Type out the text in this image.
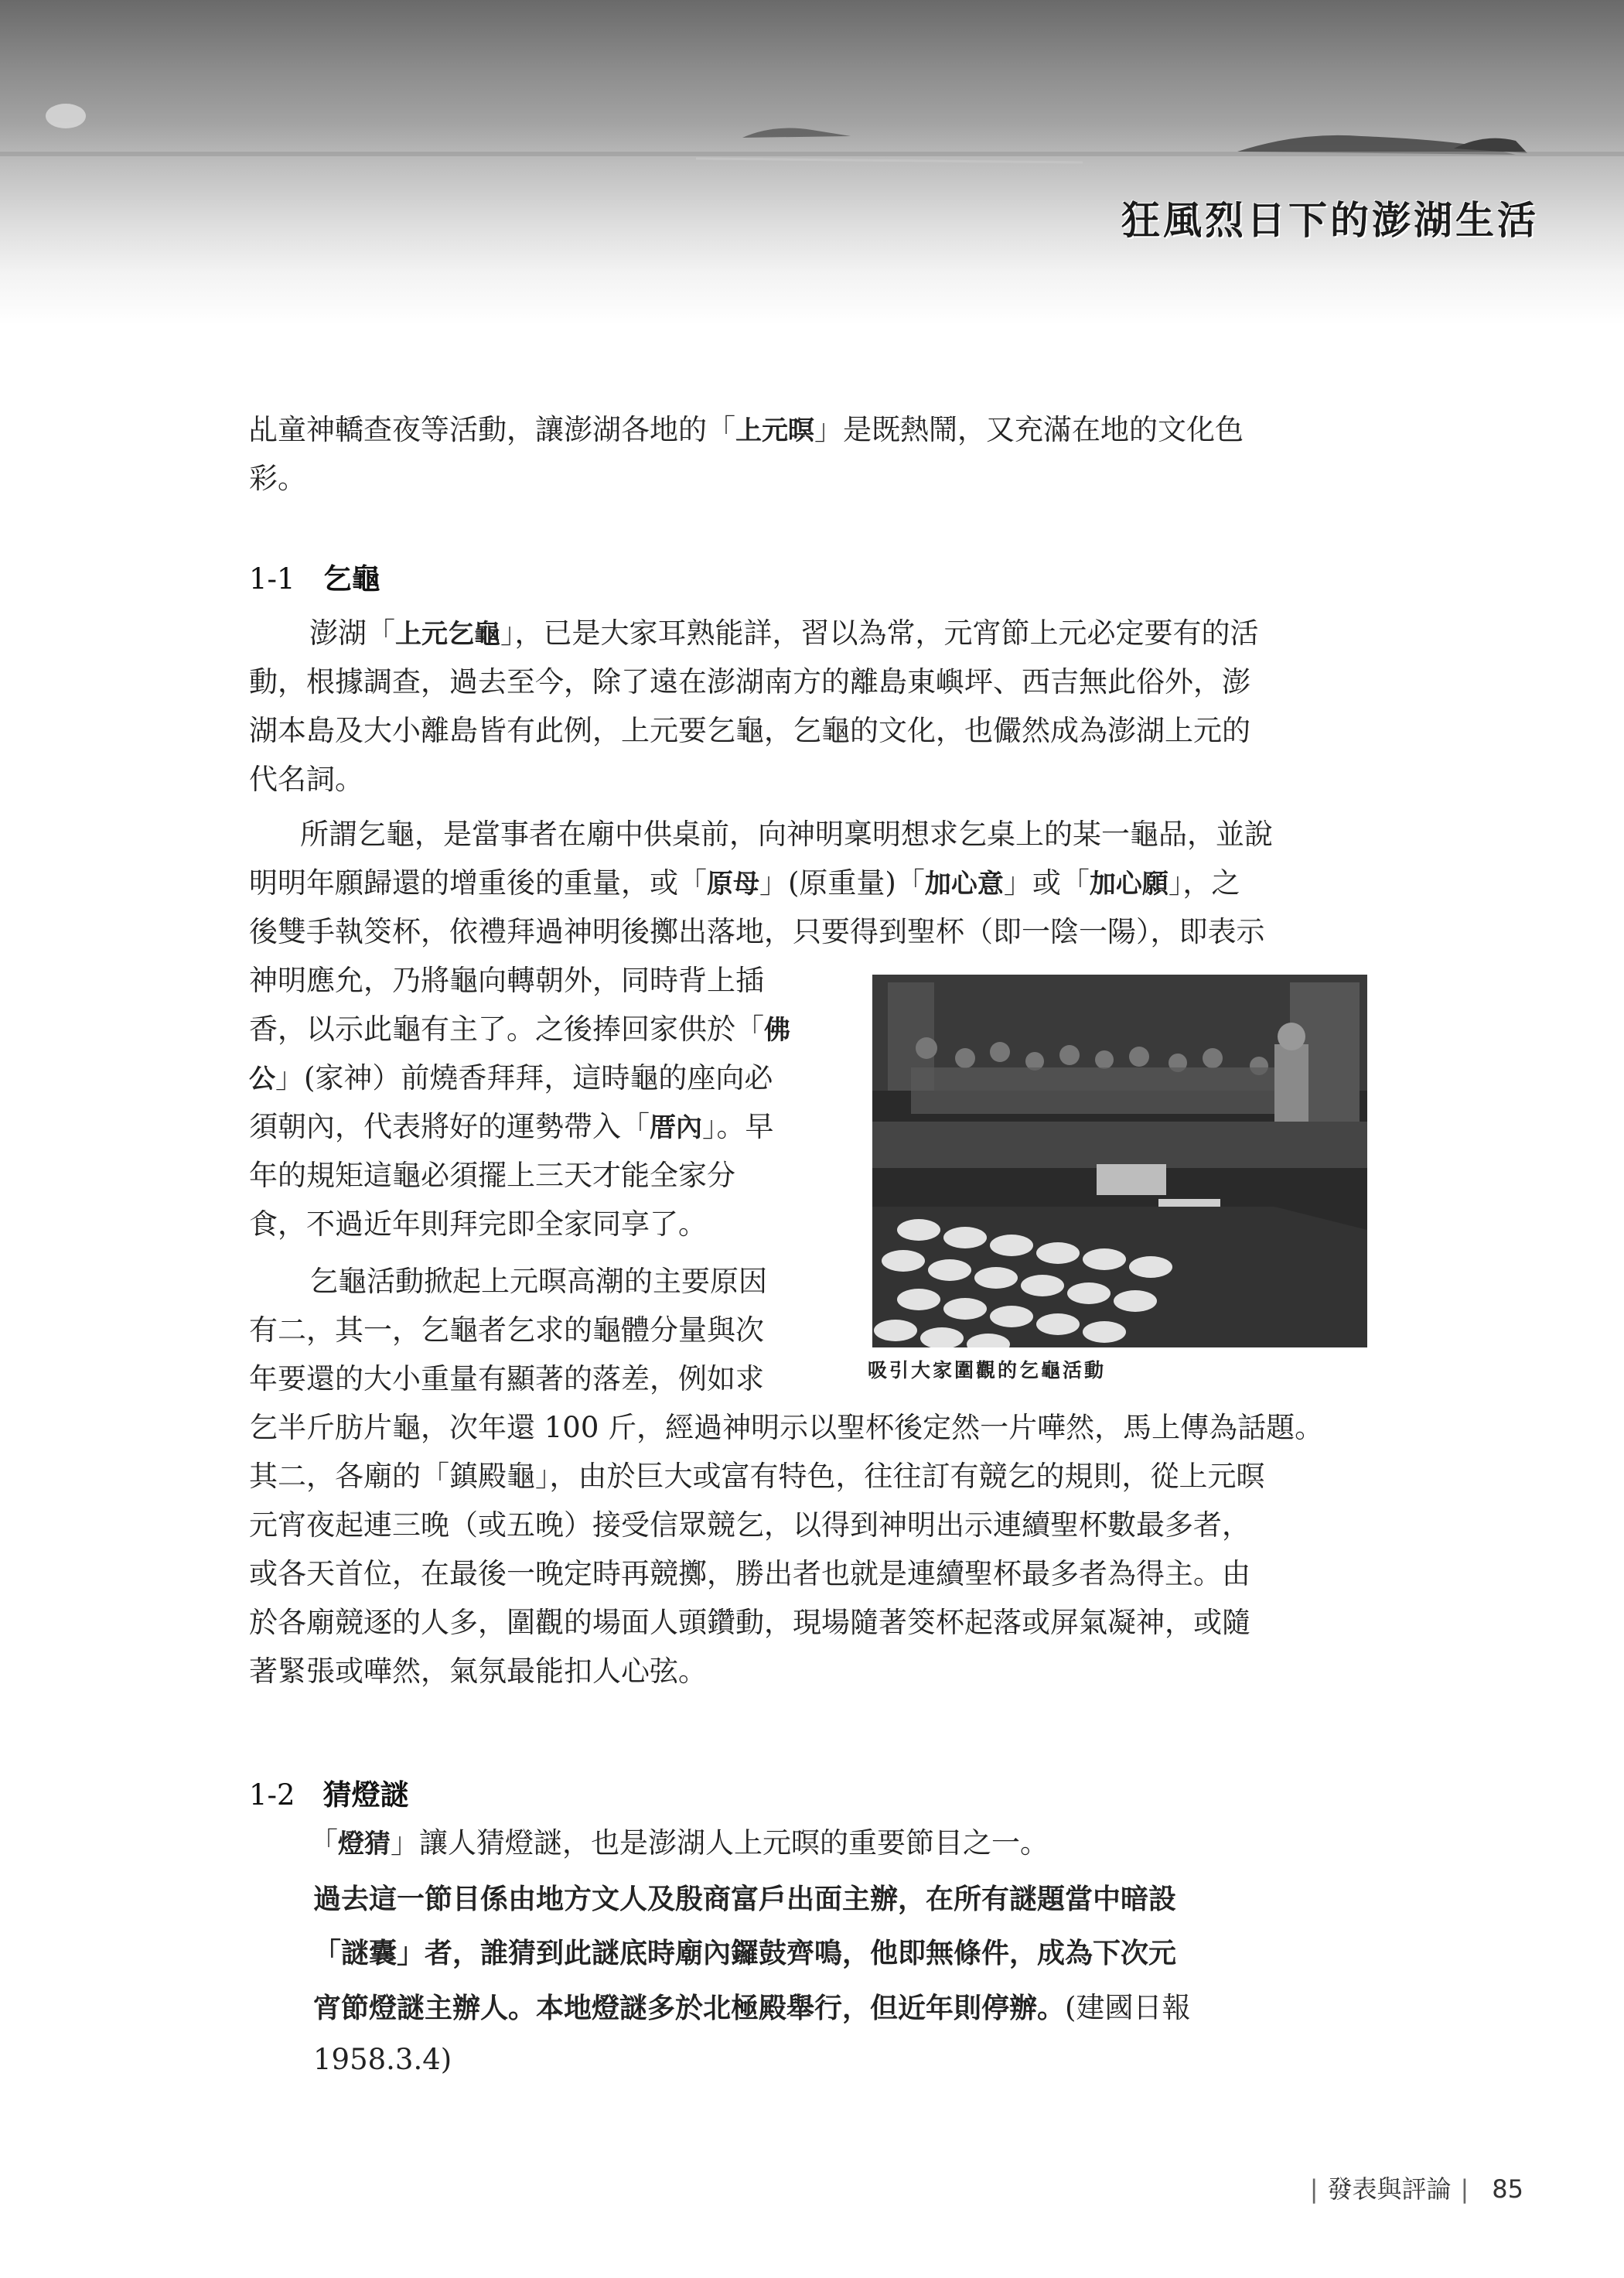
狂風烈日下的澎湖生活
乩童神轎查夜等活動，讓澎湖各地的「上元暝」是既熱鬧，又充滿在地的文化色
彩。
1-1 乞龜
澎湖「上元乞龜」，已是大家耳熟能詳，習以為常，元宵節上元必定要有的活
動，根據調查，過去至今，除了遠在澎湖南方的離島東嶼坪、西吉無此俗外，澎
湖本島及大小離島皆有此例，上元要乞龜，乞龜的文化，也儼然成為澎湖上元的
代名詞。
所謂乞龜，是當事者在廟中供桌前，向神明稟明想求乞桌上的某一龜品，並說
明明年願歸還的增重後的重量，或「原母」(原重量)「加心意」或「加心願」，之
後雙手執筊杯，依禮拜過神明後擲出落地，只要得到聖杯（即一陰一陽），即表示
神明應允，乃將龜向轉朝外，同時背上插
香，以示此龜有主了。之後捧回家供於「佛
公」(家神）前燒香拜拜，這時龜的座向必
須朝內，代表將好的運勢帶入「厝內」。早
年的規矩這龜必須擺上三天才能全家分
食，不過近年則拜完即全家同享了。
吸引大家圍觀的乞龜活動
乞龜活動掀起上元暝高潮的主要原因
有二，其一，乞龜者乞求的龜體分量與次
年要還的大小重量有顯著的落差，例如求
乞半斤肪片龜，次年還 100 斤，經過神明示以聖杯後定然一片嘩然，馬上傳為話題。
其二，各廟的「鎮殿龜」，由於巨大或富有特色，往往訂有競乞的規則，從上元暝
元宵夜起連三晚（或五晚）接受信眾競乞，以得到神明出示連續聖杯數最多者，
或各天首位，在最後一晚定時再競擲，勝出者也就是連續聖杯最多者為得主。由
於各廟競逐的人多，圍觀的場面人頭鑽動，現場隨著筊杯起落或屏氣凝神，或隨
著緊張或嘩然，氣氛最能扣人心弦。
1-2 猜燈謎
「燈猜」讓人猜燈謎，也是澎湖人上元暝的重要節目之一。
過去這一節目係由地方文人及殷商富戶出面主辦，在所有謎題當中暗設
「謎囊」者，誰猜到此謎底時廟內鑼鼓齊鳴，他即無條件，成為下次元
宵節燈謎主辦人。本地燈謎多於北極殿舉行，但近年則停辦。(建國日報
1958.3.4)
| 發表與評論 | 85
